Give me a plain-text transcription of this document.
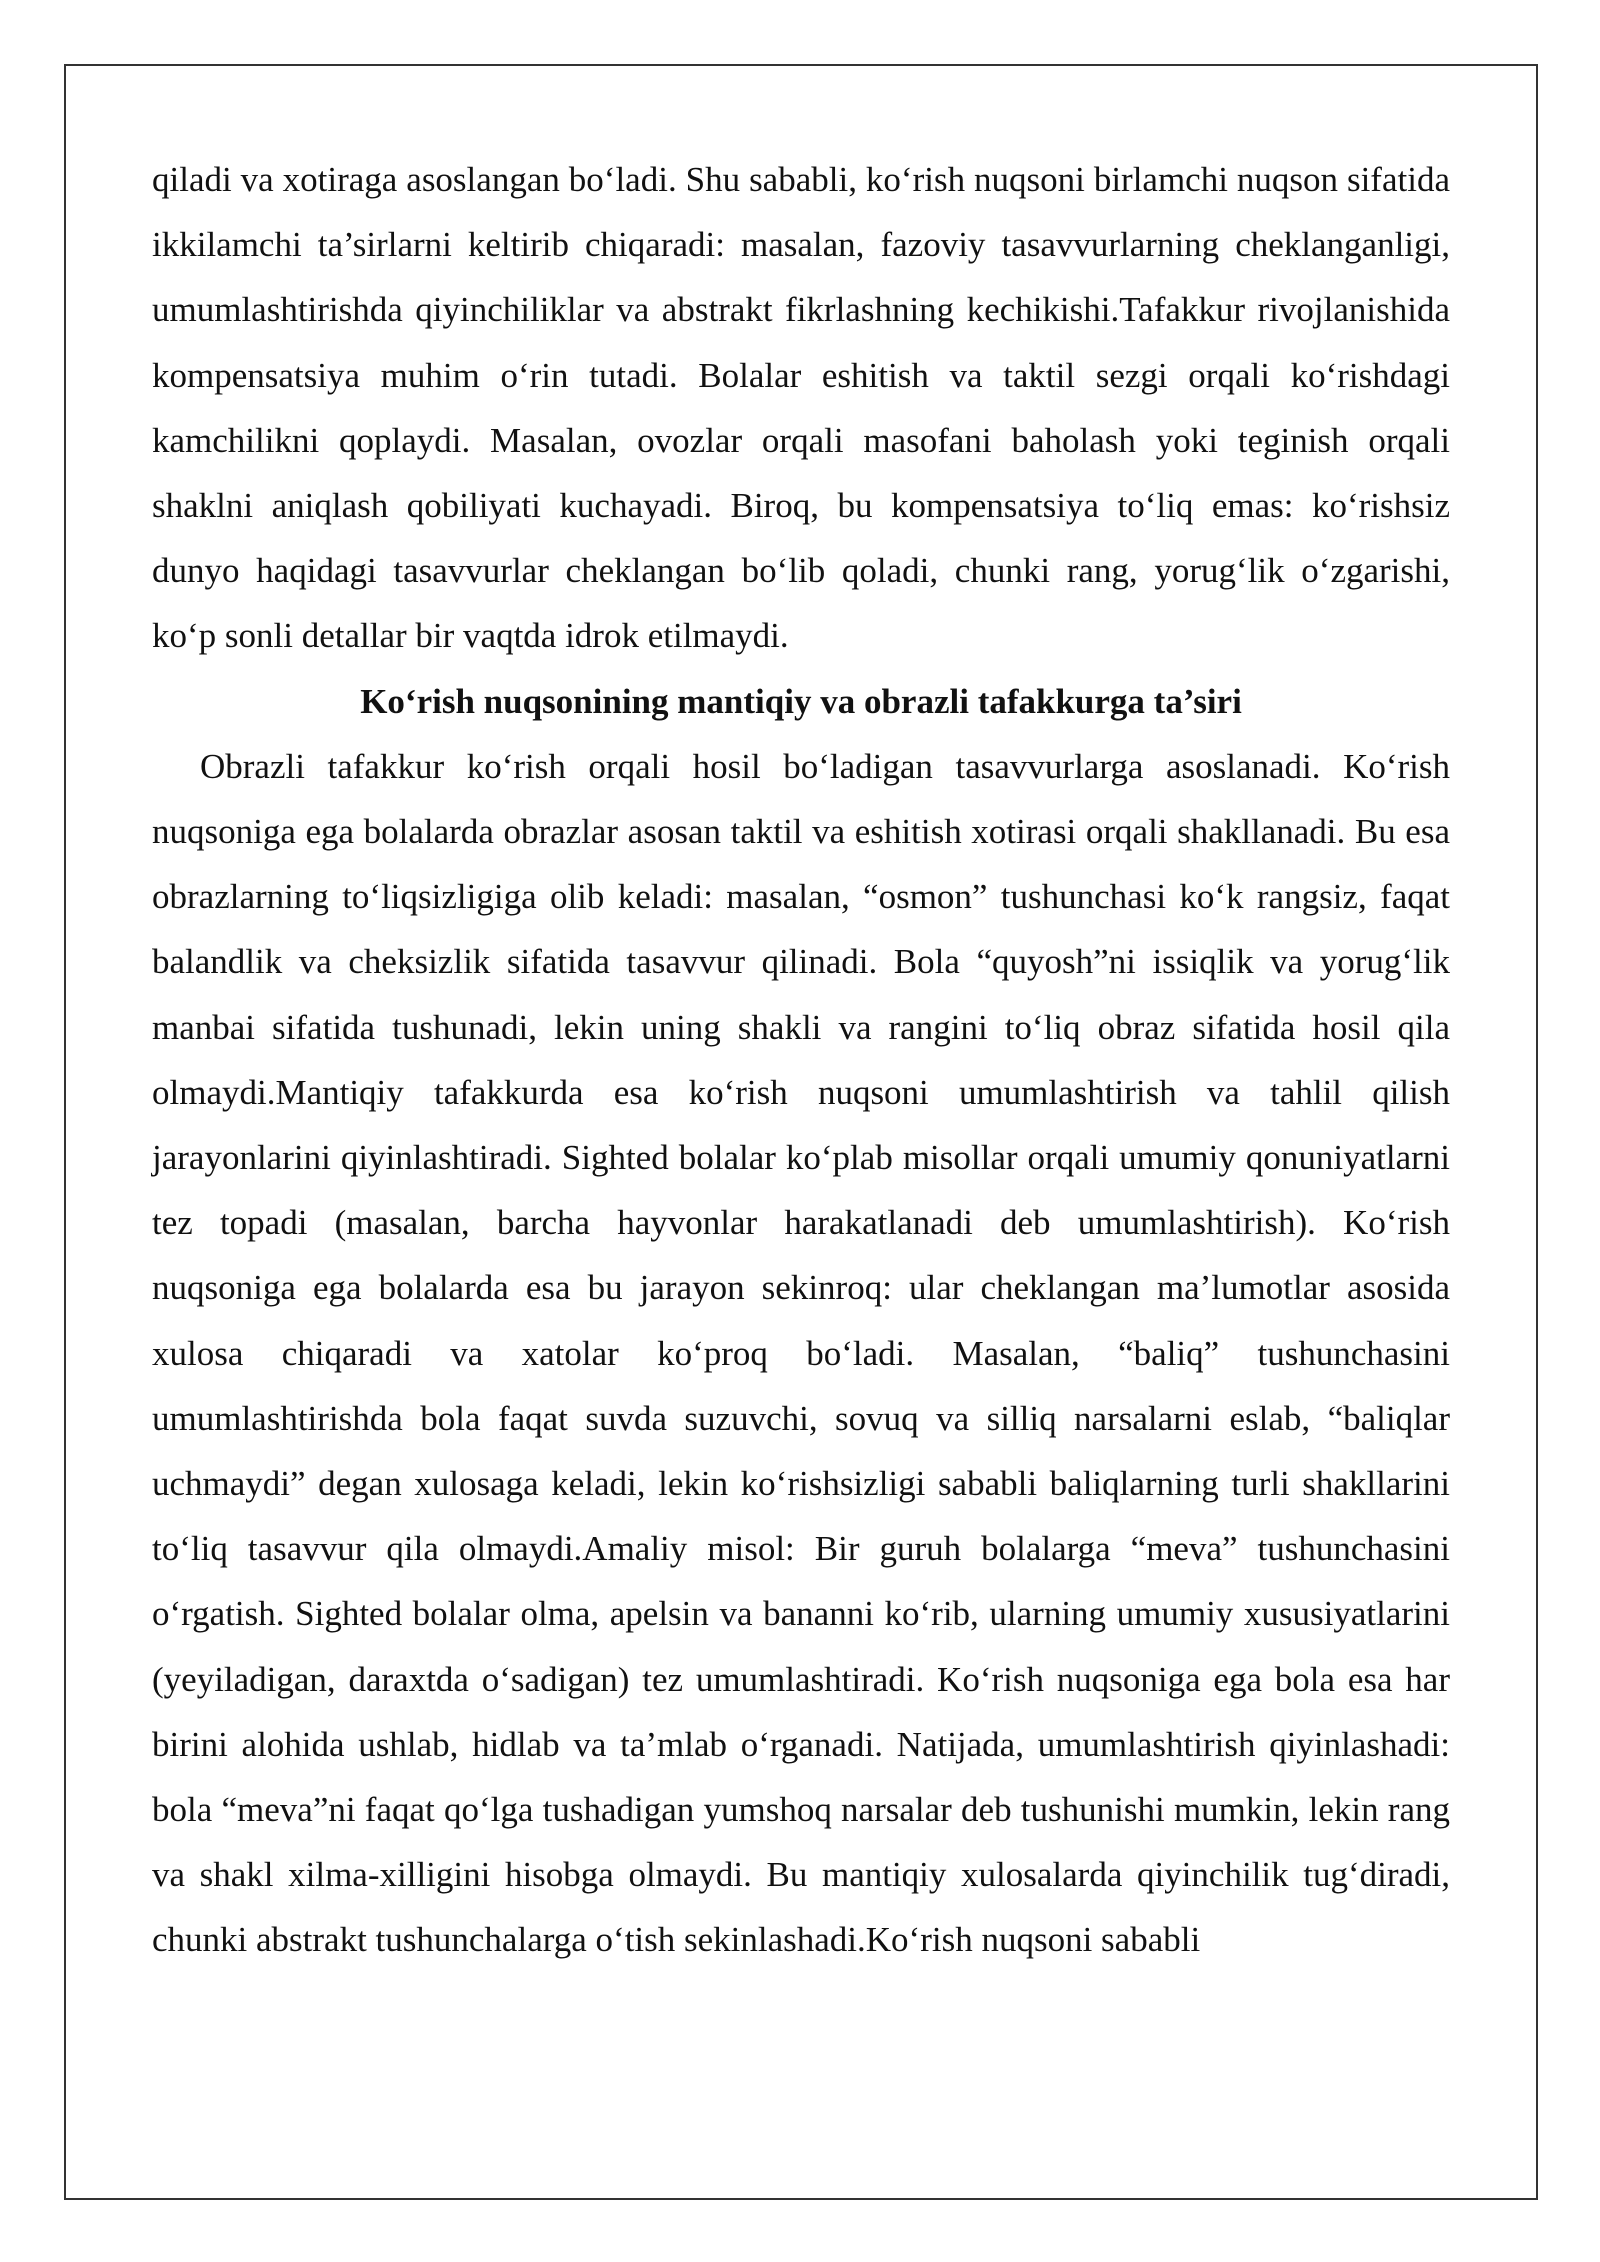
qiladi va xotiraga asoslangan bo‘ladi. Shu sababli, ko‘rish nuqsoni birlamchi nuqson sifatida ikkilamchi ta’sirlarni keltirib chiqaradi: masalan, fazoviy tasavvurlarning cheklanganligi, umumlashtirishda qiyinchiliklar va abstrakt fikrlashning kechikishi.Tafakkur rivojlanishida kompensatsiya muhim o‘rin tutadi. Bolalar eshitish va taktil sezgi orqali ko‘rishdagi kamchilikni qoplaydi. Masalan, ovozlar orqali masofani baholash yoki teginish orqali shaklni aniqlash qobiliyati kuchayadi. Biroq, bu kompensatsiya to‘liq emas: ko‘rishsiz dunyo haqidagi tasavvurlar cheklangan bo‘lib qoladi, chunki rang, yorug‘lik o‘zgarishi, ko‘p sonli detallar bir vaqtda idrok etilmaydi.

Ko‘rish nuqsonining mantiqiy va obrazli tafakkurga ta’siri

Obrazli tafakkur ko‘rish orqali hosil bo‘ladigan tasavvurlarga asoslanadi. Ko‘rish nuqsoniga ega bolalarda obrazlar asosan taktil va eshitish xotirasi orqali shakllanadi. Bu esa obrazlarning to‘liqsizligiga olib keladi: masalan, “osmon” tushunchasi ko‘k rangsiz, faqat balandlik va cheksizlik sifatida tasavvur qilinadi. Bola “quyosh”ni issiqlik va yorug‘lik manbai sifatida tushunadi, lekin uning shakli va rangini to‘liq obraz sifatida hosil qila olmaydi.Mantiqiy tafakkurda esa ko‘rish nuqsoni umumlashtirish va tahlil qilish jarayonlarini qiyinlashtiradi. Sighted bolalar ko‘plab misollar orqali umumiy qonuniyatlarni tez topadi (masalan, barcha hayvonlar harakatlanadi deb umumlashtirish). Ko‘rish nuqsoniga ega bolalarda esa bu jarayon sekinroq: ular cheklangan ma’lumotlar asosida xulosa chiqaradi va xatolar ko‘proq bo‘ladi. Masalan, “baliq” tushunchasini umumlashtirishda bola faqat suvda suzuvchi, sovuq va silliq narsalarni eslab, “baliqlar uchmaydi” degan xulosaga keladi, lekin ko‘rishsizligi sababli baliqlarning turli shakllarini to‘liq tasavvur qila olmaydi.Amaliy misol: Bir guruh bolalarga “meva” tushunchasini o‘rgatish. Sighted bolalar olma, apelsin va bananni ko‘rib, ularning umumiy xususiyatlarini (yeyiladigan, daraxtda o‘sadigan) tez umumlashtiradi. Ko‘rish nuqsoniga ega bola esa har birini alohida ushlab, hidlab va ta’mlab o‘rganadi. Natijada, umumlashtirish qiyinlashadi: bola “meva”ni faqat qo‘lga tushadigan yumshoq narsalar deb tushunishi mumkin, lekin rang va shakl xilma-xilligini hisobga olmaydi. Bu mantiqiy xulosalarda qiyinchilik tug‘diradi, chunki abstrakt tushunchalarga o‘tish sekinlashadi.Ko‘rish nuqsoni sababli
